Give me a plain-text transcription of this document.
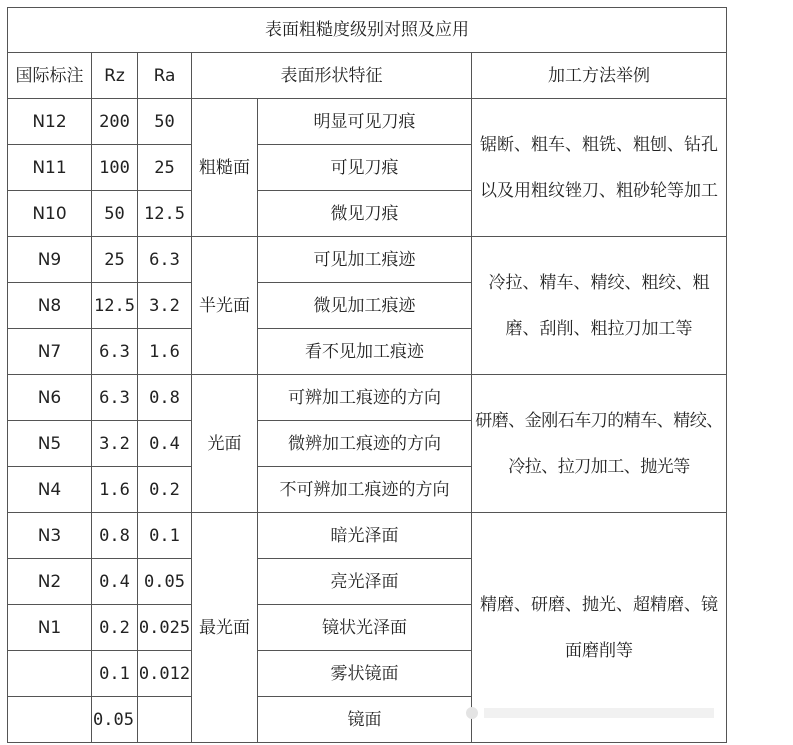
表面粗糙度级别对照及应用					
国际标注	Rz	Ra	表面形状特征		加工方法举例
N12	200	50	粗糙面	明显可见刀痕	锯断、粗车、粗铣、粗刨、钻孔以及用粗纹锉刀、粗砂轮等加工

N11	100	25		可见刀痕	
N10	50	12.5		微见刀痕	
N9	25	6.3	半光面	可见加工痕迹	冷拉、精车、精绞、粗绞、粗磨、刮削、粗拉刀加工等

N8	12.5	3.2		微见加工痕迹	
N7	6.3	1.6		看不见加工痕迹	
N6	6.3	0.8	光面	可辨加工痕迹的方向	研磨、金刚石车刀的精车、精绞、冷拉、拉刀加工、抛光等

N5	3.2	0.4		微辨加工痕迹的方向	
N4	1.6	0.2		不可辨加工痕迹的方向	
N3	0.8	0.1	最光面	暗光泽面	精磨、研磨、抛光、超精磨、镜面磨削等

N2	0.4	0.05		亮光泽面	
N1	0.2	0.025		镜状光泽面	
	0.1	0.012		雾状镜面	
	0.05			镜面	
